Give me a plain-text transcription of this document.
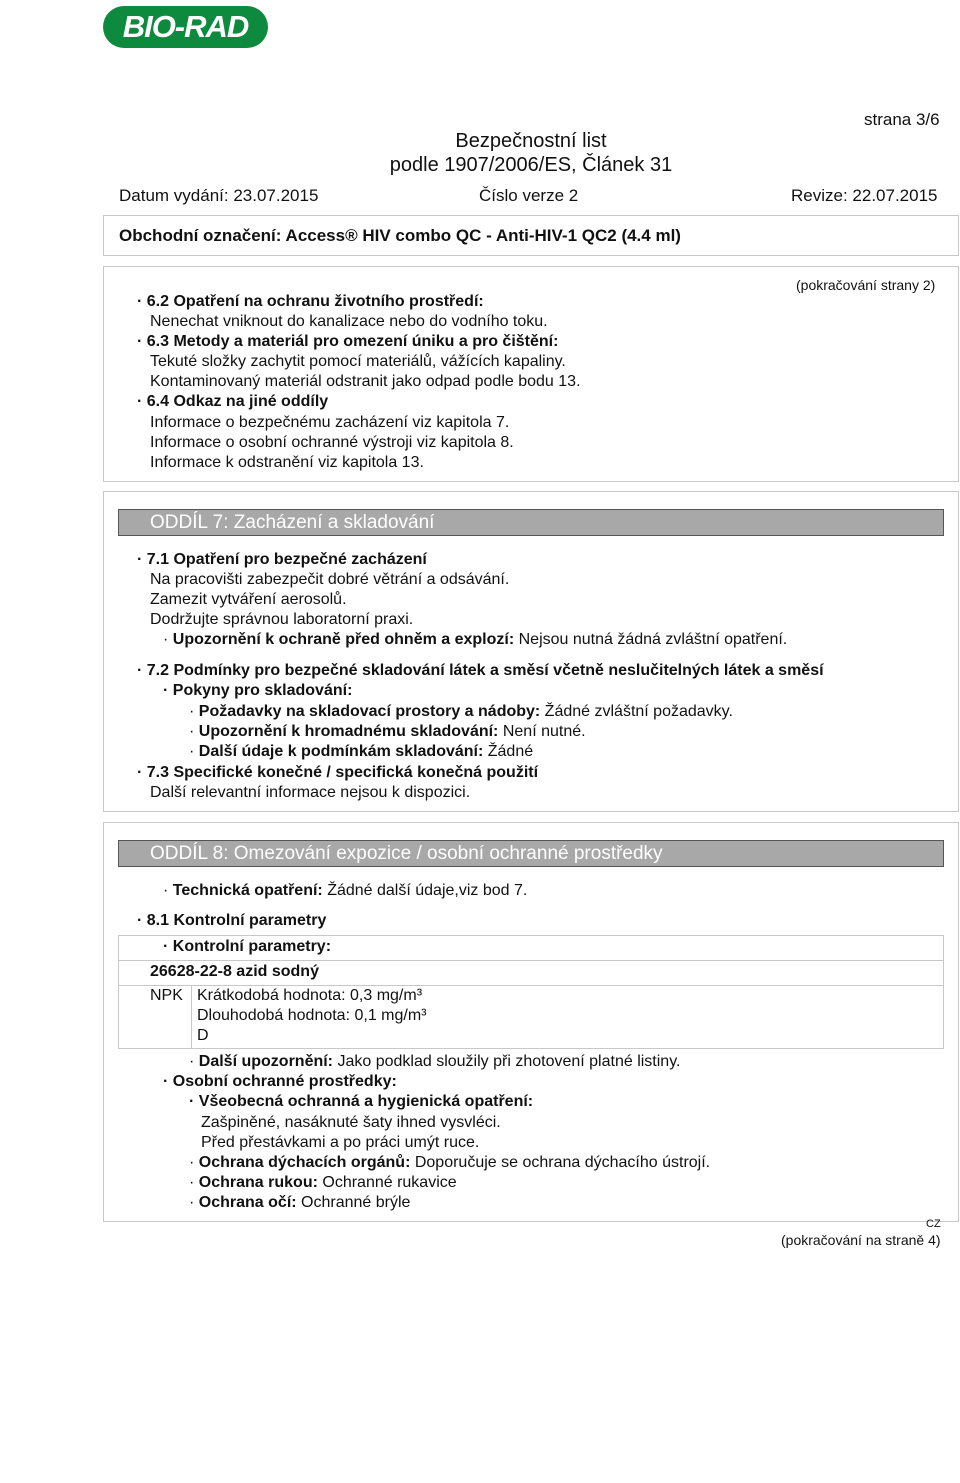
BIO-RAD
strana 3/6
Bezpečnostní list
podle 1907/2006/ES, Článek 31
Datum vydání: 23.07.2015	Číslo verze 2	Revize: 22.07.2015
Obchodní označení: Access® HIV combo QC - Anti-HIV-1 QC2 (4.4 ml)
(pokračování strany 2)
· 6.2 Opatření na ochranu životního prostředí:
Nenechat vniknout do kanalizace nebo do vodního toku.
· 6.3 Metody a materiál pro omezení úniku a pro čištění:
Tekuté složky zachytit pomocí materiálů, vážících kapaliny.
Kontaminovaný materiál odstranit jako odpad podle bodu 13.
· 6.4 Odkaz na jiné oddíly
Informace o bezpečnému zacházení viz kapitola 7.
Informace o osobní ochranné výstroji viz kapitola 8.
Informace k odstranění viz kapitola 13.
ODDÍL 7: Zacházení a skladování
· 7.1 Opatření pro bezpečné zacházení
Na pracovišti zabezpečit dobré větrání a odsávání.
Zamezit vytváření aerosolů.
Dodržujte správnou laboratorní praxi.
· Upozornění k ochraně před ohněm a explozí: Nejsou nutná žádná zvláštní opatření.
· 7.2 Podmínky pro bezpečné skladování látek a směsí včetně neslučitelných látek a směsí
· Pokyny pro skladování:
· Požadavky na skladovací prostory a nádoby: Žádné zvláštní požadavky.
· Upozornění k hromadnému skladování: Není nutné.
· Další údaje k podmínkám skladování: Žádné
· 7.3 Specifické konečné / specifická konečná použití
Další relevantní informace nejsou k dispozici.
ODDÍL 8: Omezování expozice / osobní ochranné prostředky
· Technická opatření: Žádné další údaje,viz bod 7.
· 8.1 Kontrolní parametry
· Kontrolní parametry:
26628-22-8 azid sodný
NPK Krátkodobá hodnota: 0,3 mg/m³
Dlouhodobá hodnota: 0,1 mg/m³
D
· Další upozornění: Jako podklad sloužily při zhotovení platné listiny.
· Osobní ochranné prostředky:
· Všeobecná ochranná a hygienická opatření:
Zašpiněné, nasáknuté šaty ihned vysvléci.
Před přestávkami a po práci umýt ruce.
· Ochrana dýchacích orgánů: Doporučuje se ochrana dýchacího ústrojí.
· Ochrana rukou: Ochranné rukavice
· Ochrana očí: Ochranné brýle
CZ
(pokračování na straně 4)
